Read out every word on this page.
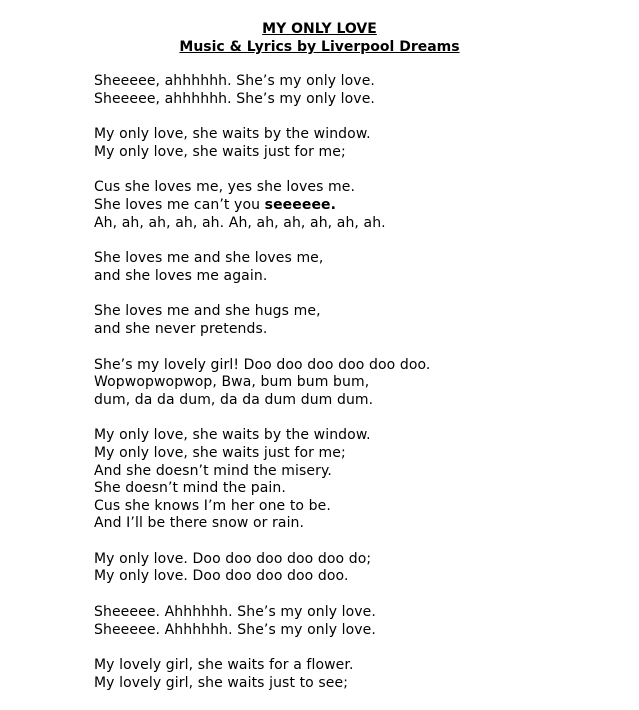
MY ONLY LOVE
Music & Lyrics by Liverpool Dreams
Sheeeee, ahhhhhh. She’s my only love.
Sheeeee, ahhhhhh. She’s my only love.
My only love, she waits by the window.
My only love, she waits just for me;
Cus she loves me, yes she loves me.
She loves me can’t you seeeeee.
Ah, ah, ah, ah, ah. Ah, ah, ah, ah, ah, ah.
She loves me and she loves me,
and she loves me again.
She loves me and she hugs me,
and she never pretends.
She’s my lovely girl! Doo doo doo doo doo doo.
Wopwopwopwop, Bwa, bum bum bum,
dum, da da dum, da da dum dum dum.
My only love, she waits by the window.
My only love, she waits just for me;
And she doesn’t mind the misery.
She doesn’t mind the pain.
Cus she knows I’m her one to be.
And I’ll be there snow or rain.
My only love. Doo doo doo doo doo do;
My only love. Doo doo doo doo doo.
Sheeeee. Ahhhhhh. She’s my only love.
Sheeeee. Ahhhhhh. She’s my only love.
My lovely girl, she waits for a flower.
My lovely girl, she waits just to see;
